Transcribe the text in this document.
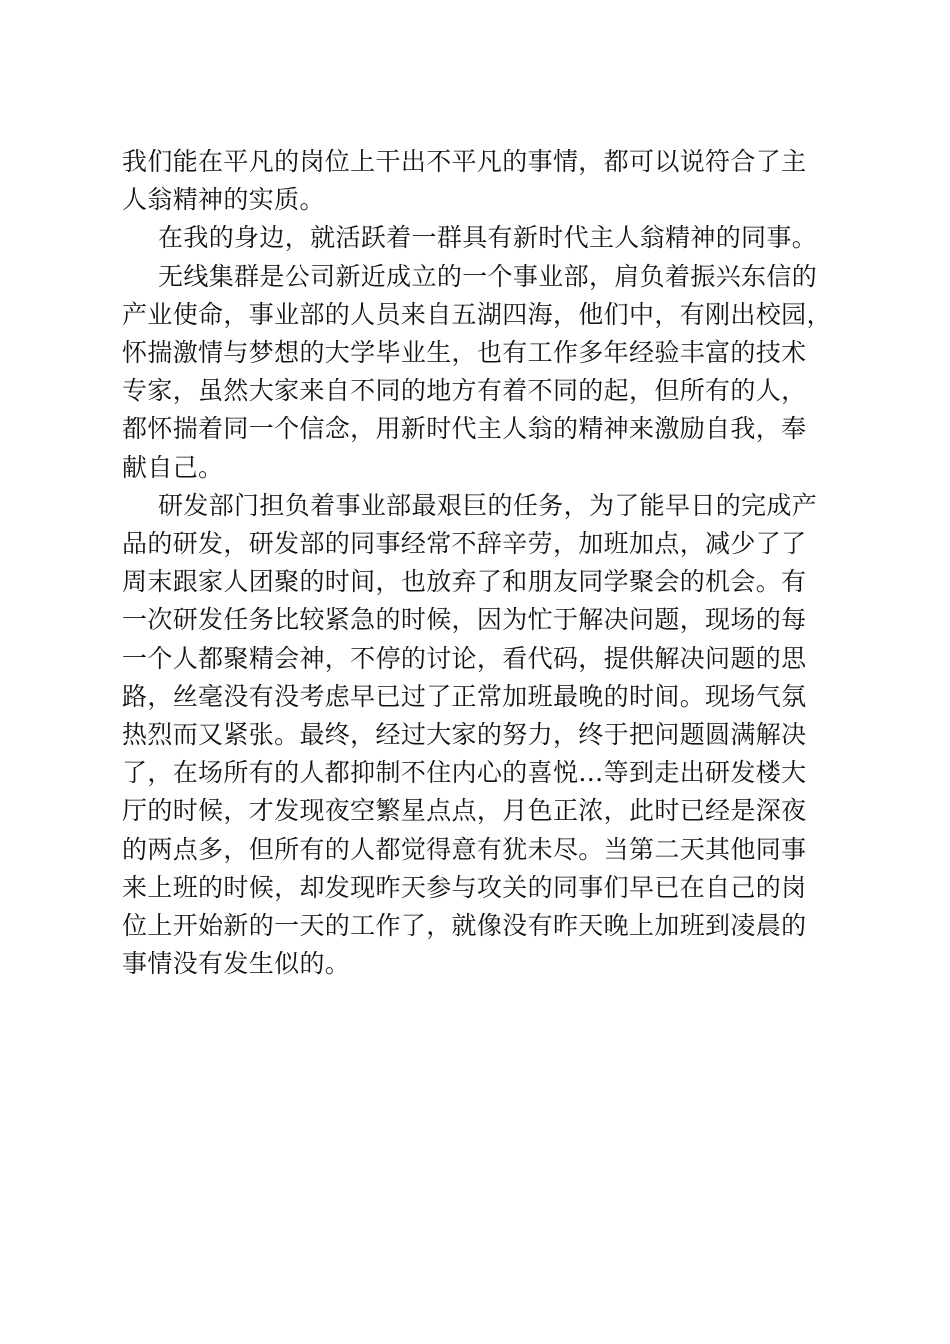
我们能在平凡的岗位上干出不平凡的事情，都可以说符合了主
人翁精神的实质。
在我的身边，就活跃着一群具有新时代主人翁精神的同事。
无线集群是公司新近成立的一个事业部，肩负着振兴东信的
产业使命，事业部的人员来自五湖四海，他们中，有刚出校园，
怀揣激情与梦想的大学毕业生，也有工作多年经验丰富的技术
专家，虽然大家来自不同的地方有着不同的起，但所有的人，
都怀揣着同一个信念，用新时代主人翁的精神来激励自我，奉
献自己。
研发部门担负着事业部最艰巨的任务，为了能早日的完成产
品的研发，研发部的同事经常不辞辛劳，加班加点，减少了了
周末跟家人团聚的时间，也放弃了和朋友同学聚会的机会。有
一次研发任务比较紧急的时候，因为忙于解决问题，现场的每
一个人都聚精会神，不停的讨论，看代码，提供解决问题的思
路，丝毫没有没考虑早已过了正常加班最晚的时间。现场气氛
热烈而又紧张。最终，经过大家的努力，终于把问题圆满解决
了，在场所有的人都抑制不住内心的喜悦…等到走出研发楼大
厅的时候，才发现夜空繁星点点，月色正浓，此时已经是深夜
的两点多，但所有的人都觉得意有犹未尽。当第二天其他同事
来上班的时候，却发现昨天参与攻关的同事们早已在自己的岗
位上开始新的一天的工作了，就像没有昨天晚上加班到凌晨的
事情没有发生似的。
